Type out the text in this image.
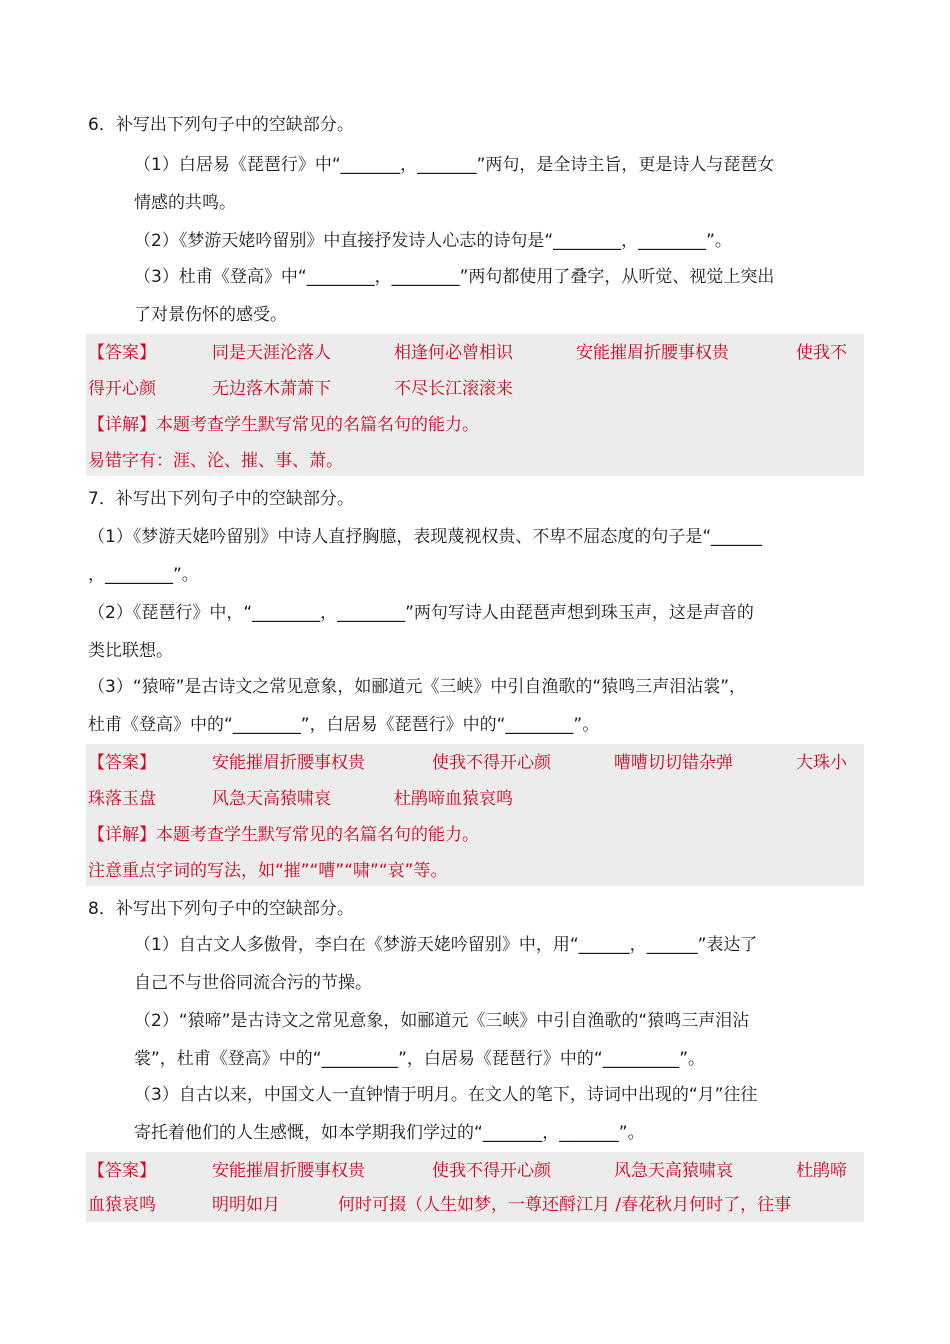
6．补写出下列句子中的空缺部分。
（1）白居易《琵琶行》中“_______，_______”两句，是全诗主旨，更是诗人与琵琶女
情感的共鸣。
（2）《梦游天姥吟留别》中直接抒发诗人心志的诗句是“________，________”。
（3）杜甫《登高》中“________，________”两句都使用了叠字，从听觉、视觉上突出
了对景伤怀的感受。
【答案】	同是天涯沦落人	相逢何必曾相识	安能摧眉折腰事权贵	使我不
得开心颜	无边落木萧萧下	不尽长江滚滚来
【详解】本题考查学生默写常见的名篇名句的能力。
易错字有：涯、沦、摧、事、萧。
7．补写出下列句子中的空缺部分。
（1）《梦游天姥吟留别》中诗人直抒胸臆，表现蔑视权贵、不卑不屈态度的句子是“______
，________”。
（2）《琵琶行》中，“________，________”两句写诗人由琵琶声想到珠玉声，这是声音的
类比联想。
（3）“猿啼”是古诗文之常见意象，如郦道元《三峡》中引自渔歌的“猿鸣三声泪沾裳”，
杜甫《登高》中的“________”，白居易《琵琶行》中的“________”。
【答案】	安能摧眉折腰事权贵	使我不得开心颜	嘈嘈切切错杂弹	大珠小
珠落玉盘	风急天高猿啸哀	杜鹃啼血猿哀鸣
【详解】本题考查学生默写常见的名篇名句的能力。
注意重点字词的写法，如“摧”“嘈”“啸”“哀”等。
8．补写出下列句子中的空缺部分。
（1）自古文人多傲骨，李白在《梦游天姥吟留别》中，用“______，______”表达了
自己不与世俗同流合污的节操。
（2）“猿啼”是古诗文之常见意象，如郦道元《三峡》中引自渔歌的“猿鸣三声泪沾
裳”，杜甫《登高》中的“_________”，白居易《琵琶行》中的“_________”。
（3）自古以来，中国文人一直钟情于明月。在文人的笔下，诗词中出现的“月”往往
寄托着他们的人生感慨，如本学期我们学过的“_______，_______”。
【答案】	安能摧眉折腰事权贵	使我不得开心颜	风急天高猿啸哀	杜鹃啼
血猿哀鸣	明明如月	何时可掇（人生如梦，一尊还酹江月 /春花秋月何时了，往事
